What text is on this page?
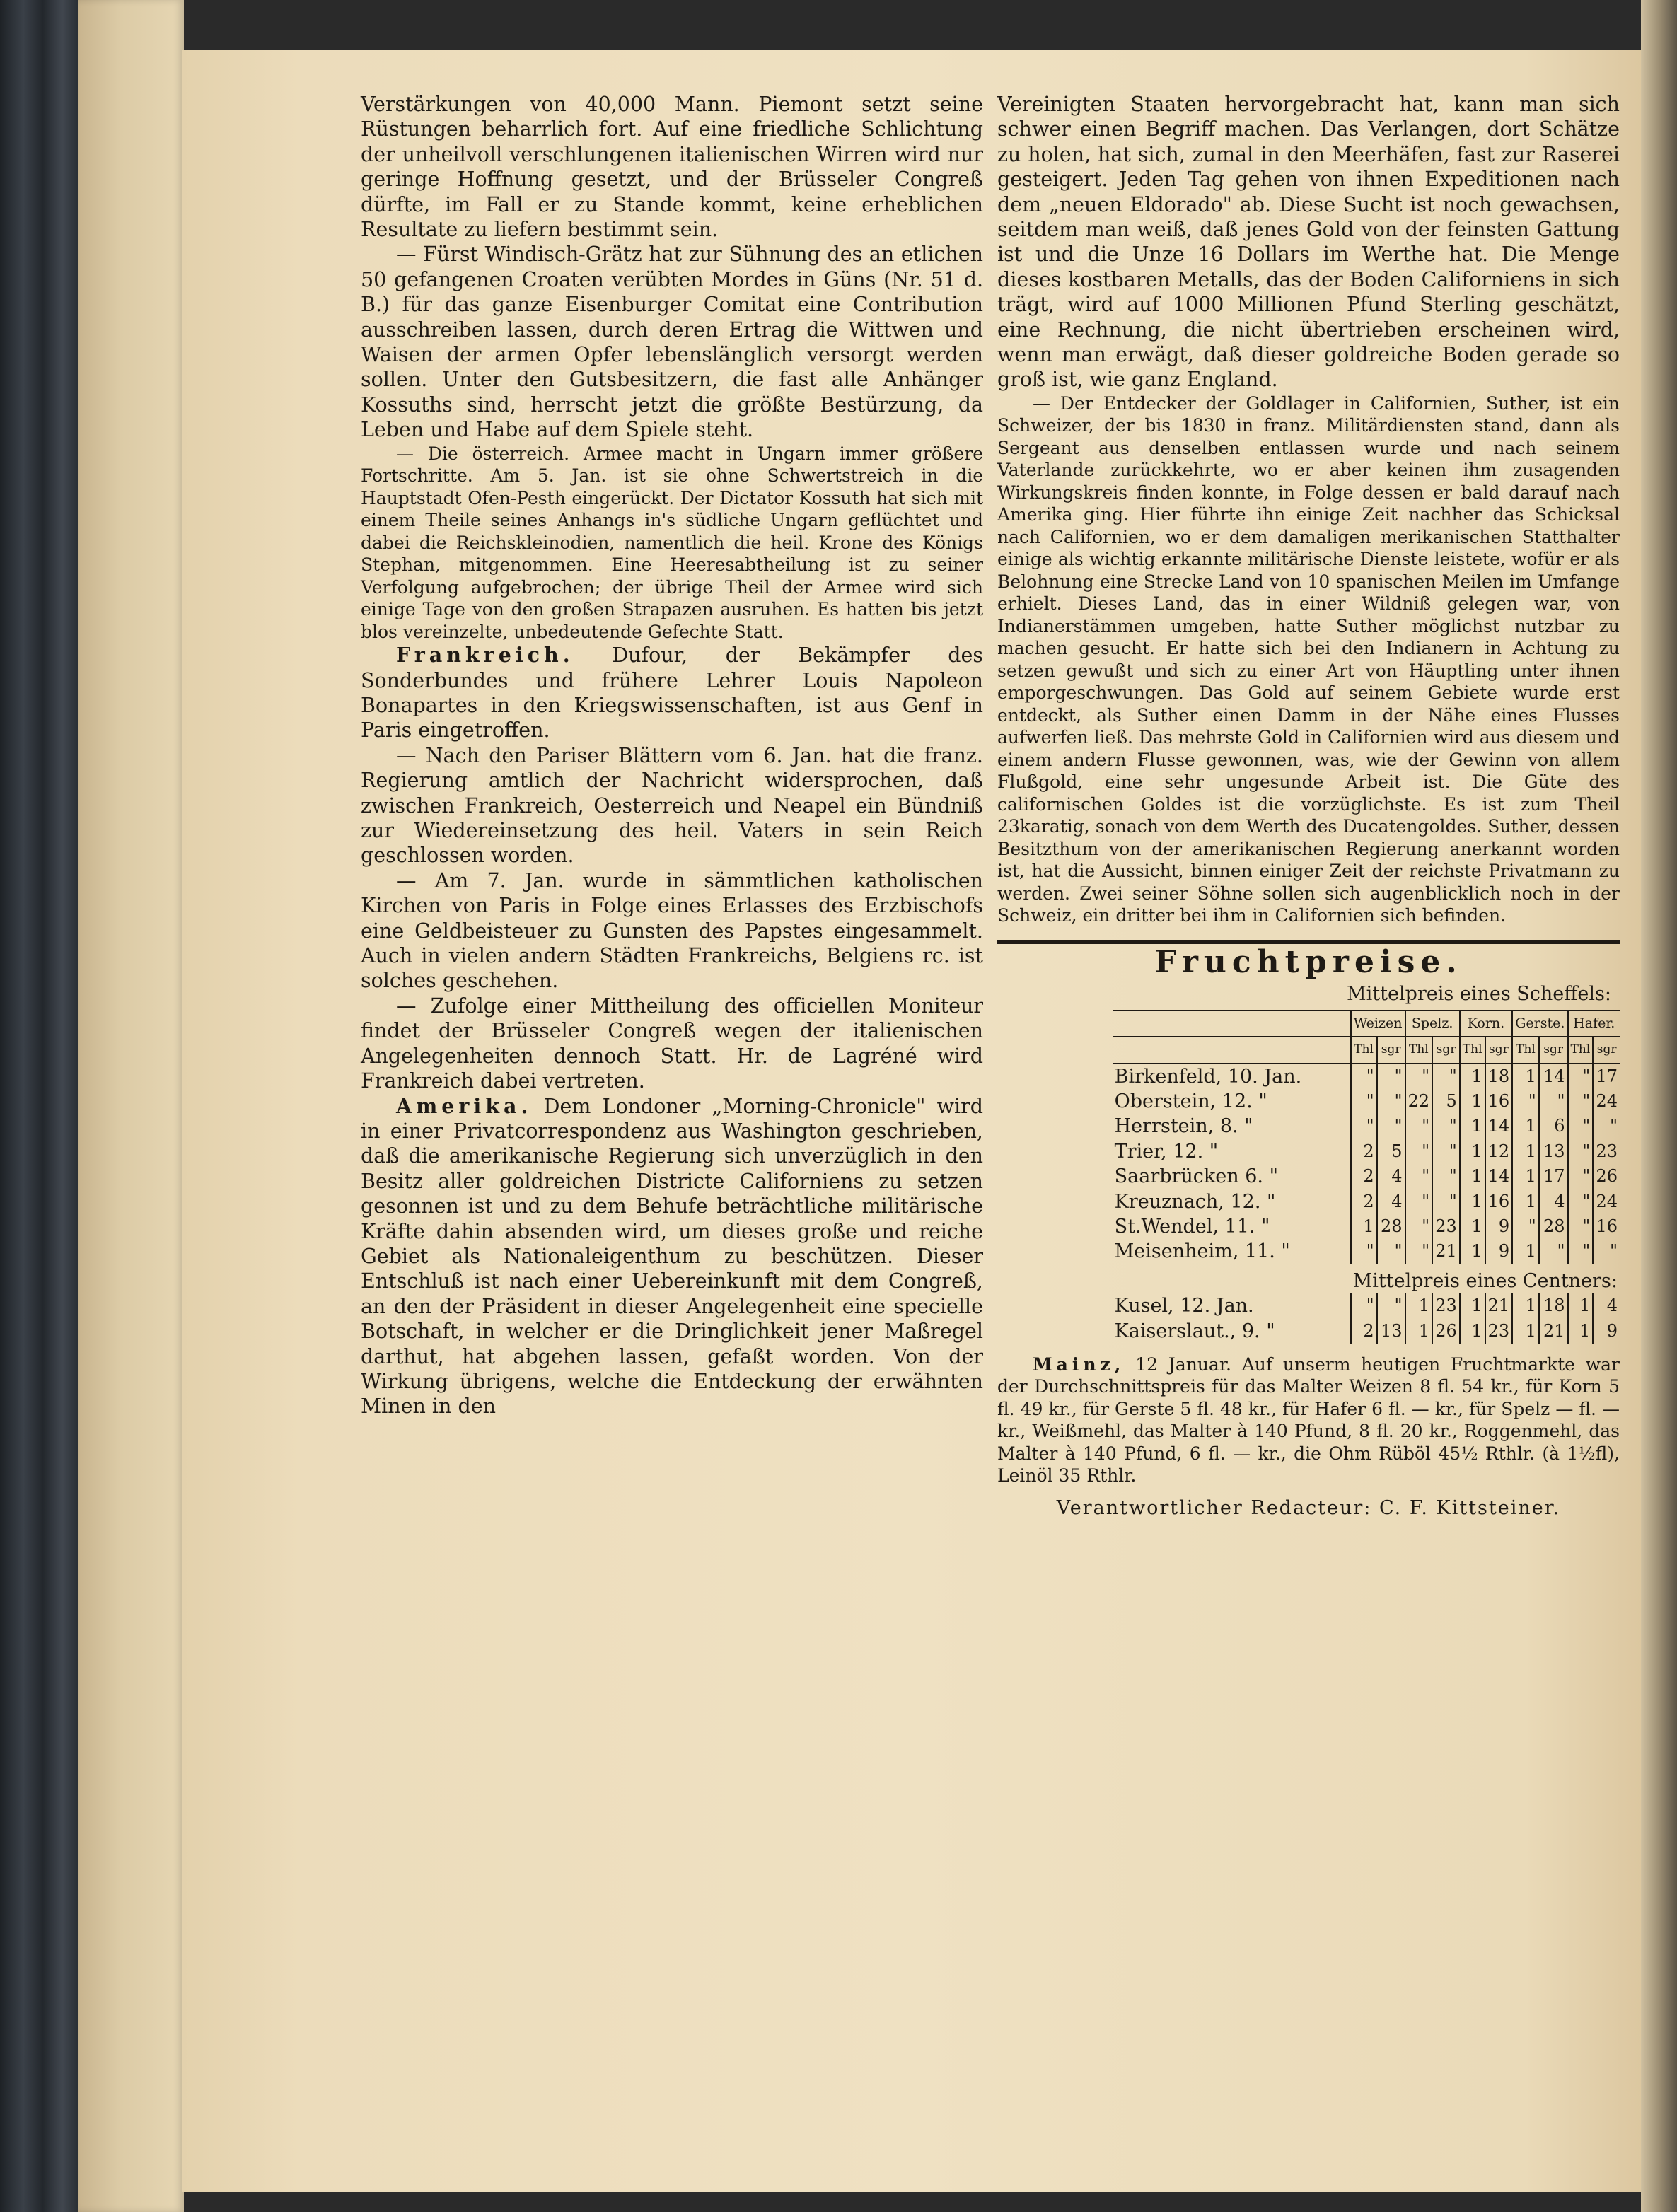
Verstärkungen von 40,000 Mann. Piemont setzt seine Rüstungen beharrlich fort. Auf eine friedliche Schlichtung der unheilvoll verschlungenen italienischen Wirren wird nur geringe Hoffnung gesetzt, und der Brüsseler Congreß dürfte, im Fall er zu Stande kommt, keine erheblichen Resultate zu liefern bestimmt sein.

— Fürst Windisch-Grätz hat zur Sühnung des an etlichen 50 gefangenen Croaten verübten Mordes in Güns (Nr. 51 d. B.) für das ganze Eisenburger Comitat eine Contribution ausschreiben lassen, durch deren Ertrag die Wittwen und Waisen der armen Opfer lebenslänglich versorgt werden sollen. Unter den Gutsbesitzern, die fast alle Anhänger Kossuths sind, herrscht jetzt die größte Bestürzung, da Leben und Habe auf dem Spiele steht.

— Die österreich. Armee macht in Ungarn immer größere Fortschritte. Am 5. Jan. ist sie ohne Schwertstreich in die Hauptstadt Ofen-Pesth eingerückt. Der Dictator Kossuth hat sich mit einem Theile seines Anhangs in's südliche Ungarn geflüchtet und dabei die Reichskleinodien, namentlich die heil. Krone des Königs Stephan, mitgenommen. Eine Heeresabtheilung ist zu seiner Verfolgung aufgebrochen; der übrige Theil der Armee wird sich einige Tage von den großen Strapazen ausruhen. Es hatten bis jetzt blos vereinzelte, unbedeutende Gefechte Statt.

Frankreich. Dufour, der Bekämpfer des Sonderbundes und frühere Lehrer Louis Napoleon Bonapartes in den Kriegswissenschaften, ist aus Genf in Paris eingetroffen.

— Nach den Pariser Blättern vom 6. Jan. hat die franz. Regierung amtlich der Nachricht widersprochen, daß zwischen Frankreich, Oesterreich und Neapel ein Bündniß zur Wiedereinsetzung des heil. Vaters in sein Reich geschlossen worden.

— Am 7. Jan. wurde in sämmtlichen katholischen Kirchen von Paris in Folge eines Erlasses des Erzbischofs eine Geldbeisteuer zu Gunsten des Papstes eingesammelt. Auch in vielen andern Städten Frankreichs, Belgiens rc. ist solches geschehen.

— Zufolge einer Mittheilung des officiellen Moniteur findet der Brüsseler Congreß wegen der italienischen Angelegenheiten dennoch Statt. Hr. de Lagréné wird Frankreich dabei vertreten.

Amerika. Dem Londoner „Morning-Chronicle" wird in einer Privatcorrespondenz aus Washington geschrieben, daß die amerikanische Regierung sich unverzüglich in den Besitz aller goldreichen Districte Californiens zu setzen gesonnen ist und zu dem Behufe beträchtliche militärische Kräfte dahin absenden wird, um dieses große und reiche Gebiet als Nationaleigenthum zu beschützen. Dieser Entschluß ist nach einer Uebereinkunft mit dem Congreß, an den der Präsident in dieser Angelegenheit eine specielle Botschaft, in welcher er die Dringlichkeit jener Maßregel darthut, hat abgehen lassen, gefaßt worden. Von der Wirkung übrigens, welche die Entdeckung der erwähnten Minen in den

Vereinigten Staaten hervorgebracht hat, kann man sich schwer einen Begriff machen. Das Verlangen, dort Schätze zu holen, hat sich, zumal in den Meerhäfen, fast zur Raserei gesteigert. Jeden Tag gehen von ihnen Expeditionen nach dem „neuen Eldorado" ab. Diese Sucht ist noch gewachsen, seitdem man weiß, daß jenes Gold von der feinsten Gattung ist und die Unze 16 Dollars im Werthe hat. Die Menge dieses kostbaren Metalls, das der Boden Californiens in sich trägt, wird auf 1000 Millionen Pfund Sterling geschätzt, eine Rechnung, die nicht übertrieben erscheinen wird, wenn man erwägt, daß dieser goldreiche Boden gerade so groß ist, wie ganz England.

— Der Entdecker der Goldlager in Californien, Suther, ist ein Schweizer, der bis 1830 in franz. Militärdiensten stand, dann als Sergeant aus denselben entlassen wurde und nach seinem Vaterlande zurückkehrte, wo er aber keinen ihm zusagenden Wirkungskreis finden konnte, in Folge dessen er bald darauf nach Amerika ging. Hier führte ihn einige Zeit nachher das Schicksal nach Californien, wo er dem damaligen merikanischen Statthalter einige als wichtig erkannte militärische Dienste leistete, wofür er als Belohnung eine Strecke Land von 10 spanischen Meilen im Umfange erhielt. Dieses Land, das in einer Wildniß gelegen war, von Indianerstämmen umgeben, hatte Suther möglichst nutzbar zu machen gesucht. Er hatte sich bei den Indianern in Achtung zu setzen gewußt und sich zu einer Art von Häuptling unter ihnen emporgeschwungen. Das Gold auf seinem Gebiete wurde erst entdeckt, als Suther einen Damm in der Nähe eines Flusses aufwerfen ließ. Das mehrste Gold in Californien wird aus diesem und einem andern Flusse gewonnen, was, wie der Gewinn von allem Flußgold, eine sehr ungesunde Arbeit ist. Die Güte des californischen Goldes ist die vorzüglichste. Es ist zum Theil 23karatig, sonach von dem Werth des Ducatengoldes. Suther, dessen Besitzthum von der amerikanischen Regierung anerkannt worden ist, hat die Aussicht, binnen einiger Zeit der reichste Privatmann zu werden. Zwei seiner Söhne sollen sich augenblicklich noch in der Schweiz, ein dritter bei ihm in Californien sich befinden.

Fruchtpreise.
Mittelpreis eines Scheffels:
	Weizen		Spelz.		Korn.		Gerste.		Hafer.	
	Thl	sgr	Thl	sgr	Thl	sgr	Thl	sgr	Thl	sgr
Birkenfeld, 10. Jan.	"	"	"	"	1	18	1	14	"	17
Oberstein, 12. "	"	"	22	5	1	16	"	"	"	24
Herrstein, 8. "	"	"	"	"	1	14	1	6	"	"
Trier, 12. "	2	5	"	"	1	12	1	13	"	23
Saarbrücken 6. "	2	4	"	"	1	14	1	17	"	26
Kreuznach, 12. "	2	4	"	"	1	16	1	4	"	24
St.Wendel, 11. "	1	28	"	23	1	9	"	28	"	16
Meisenheim, 11. "	"	"	"	21	1	9	1	"	"	"
	Mittelpreis eines Centners:									
Kusel, 12. Jan.	"	"	1	23	1	21	1	18	1	4
Kaiserslaut., 9. "	2	13	1	26	1	23	1	21	1	9

Mainz, 12 Januar. Auf unserm heutigen Fruchtmarkte war der Durchschnittspreis für das Malter Weizen 8 fl. 54 kr., für Korn 5 fl. 49 kr., für Gerste 5 fl. 48 kr., für Hafer 6 fl. — kr., für Spelz — fl. — kr., Weißmehl, das Malter à 140 Pfund, 8 fl. 20 kr., Roggenmehl, das Malter à 140 Pfund, 6 fl. — kr., die Ohm Rüböl 45½ Rthlr. (à 1½fl), Leinöl 35 Rthlr.

Verantwortlicher Redacteur: C. F. Kittsteiner.
